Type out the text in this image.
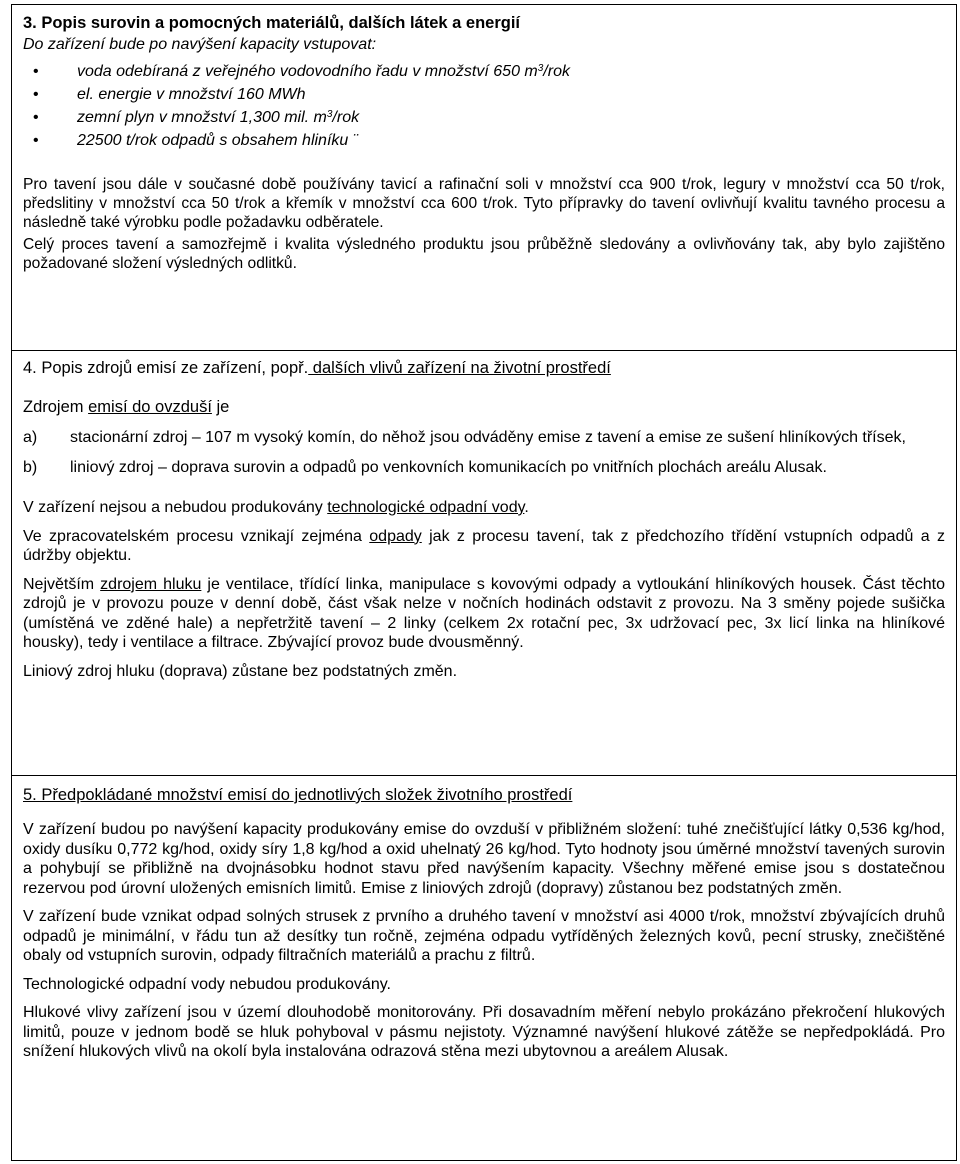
3. Popis surovin a pomocných materiálů, dalších látek a energií

Do zařízení bude po navýšení kapacity vstupovat:

• voda odebíraná z veřejného vodovodního řadu v množství 650 $m^3$/rok
• el. energie v množství 160 MWh
• zemní plyn v množství 1,300 mil. $m^3$/rok
• 22500 t/rok odpadů s obsahem hliníku ¨

Pro tavení jsou dále v současné době používány tavicí a rafinační soli v množství cca 900 t/rok, legury v množství cca 50 t/rok, předslitiny v množství cca 50 t/rok a křemík v množství cca 600 t/rok. Tyto přípravky do tavení ovlivňují kvalitu tavného procesu a následně také výrobku podle požadavku odběratele.

Celý proces tavení a samozřejmě i kvalita výsledného produktu jsou průběžně sledovány a ovlivňovány tak, aby bylo zajištěno požadované složení výsledných odlitků.

4. Popis zdrojů emisí ze zařízení, popř. dalších vlivů zařízení na životní prostředí

Zdrojem emisí do ovzduší je

a) stacionární zdroj – 107 m vysoký komín, do něhož jsou odváděny emise z tavení a emise ze sušení hliníkových třísek,
b) liniový zdroj – doprava surovin a odpadů po venkovních komunikacích po vnitřních plochách areálu Alusak.

V zařízení nejsou a nebudou produkovány technologické odpadní vody.

Ve zpracovatelském procesu vznikají zejména odpady jak z procesu tavení, tak z předchozího třídění vstupních odpadů a z údržby objektu.

Největším zdrojem hluku je ventilace, třídící linka, manipulace s kovovými odpady a vytloukání hliníkových housek. Část těchto zdrojů je v provozu pouze v denní době, část však nelze v nočních hodinách odstavit z provozu. Na 3 směny pojede sušička (umístěná ve zděné hale) a nepřetržitě tavení – 2 linky (celkem 2x rotační pec, 3x udržovací pec, 3x licí linka na hliníkové housky), tedy i ventilace a filtrace. Zbývající provoz bude dvousměnný.

Liniový zdroj hluku (doprava) zůstane bez podstatných změn.

5. Předpokládané množství emisí do jednotlivých složek životního prostředí

V zařízení budou po navýšení kapacity produkovány emise do ovzduší v přibližném složení: tuhé znečišťující látky 0,536 kg/hod, oxidy dusíku 0,772 kg/hod, oxidy síry 1,8 kg/hod a oxid uhelnatý 26 kg/hod. Tyto hodnoty jsou úměrné množství tavených surovin a pohybují se přibližně na dvojnásobku hodnot stavu před navýšením kapacity. Všechny měřené emise jsou s dostatečnou rezervou pod úrovní uložených emisních limitů. Emise z liniových zdrojů (dopravy) zůstanou bez podstatných změn.

V zařízení bude vznikat odpad solných strusek z prvního a druhého tavení v množství asi 4000 t/rok, množství zbývajících druhů odpadů je minimální, v řádu tun až desítky tun ročně, zejména odpadu vytříděných železných kovů, pecní strusky, znečištěné obaly od vstupních surovin, odpady filtračních materiálů a prachu z filtrů.

Technologické odpadní vody nebudou produkovány.

Hlukové vlivy zařízení jsou v území dlouhodobě monitorovány. Při dosavadním měření nebylo prokázáno překročení hlukových limitů, pouze v jednom bodě se hluk pohyboval v pásmu nejistoty. Významné navýšení hlukové zátěže se nepředpokládá. Pro snížení hlukových vlivů na okolí byla instalována odrazová stěna mezi ubytovnou a areálem Alusak.
